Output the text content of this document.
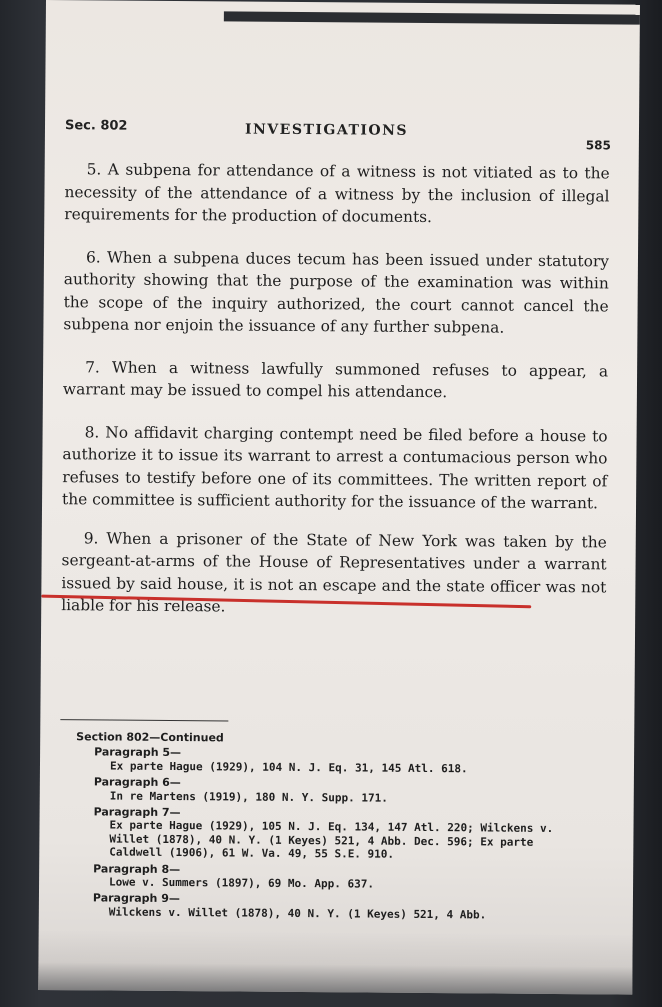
Sec. 802	INVESTIGATIONS
585

5. A subpena for attendance of a witness is not vitiated as to the necessity of the attendance of a witness by the inclusion of illegal requirements for the production of documents.

6. When a subpena duces tecum has been issued under statutory authority showing that the purpose of the examination was within the scope of the inquiry authorized, the court cannot cancel the subpena nor enjoin the issuance of any further subpena.

7. When a witness lawfully summoned refuses to appear, a warrant may be issued to compel his attendance.

8. No affidavit charging contempt need be filed before a house to authorize it to issue its warrant to arrest a contumacious person who refuses to testify before one of its committees. The written report of the committee is sufficient authority for the issuance of the warrant.

9. When a prisoner of the State of New York was taken by the sergeant-at-arms of the House of Representatives under a warrant issued by said house, it is not an escape and the state officer was not liable for his release.

Section 802—Continued
Paragraph 5—
Ex parte Hague (1929), 104 N. J. Eq. 31, 145 Atl. 618.
Paragraph 6—
In re Martens (1919), 180 N. Y. Supp. 171.
Paragraph 7—
Ex parte Hague (1929), 105 N. J. Eq. 134, 147 Atl. 220; Wilckens v. Willet (1878), 40 N. Y. (1 Keyes) 521, 4 Abb. Dec. 596; Ex parte Caldwell (1906), 61 W. Va. 49, 55 S.E. 910.
Paragraph 8—
Lowe v. Summers (1897), 69 Mo. App. 637.
Paragraph 9—
Wilckens v. Willet (1878), 40 N. Y. (1 Keyes) 521, 4 Abb.
